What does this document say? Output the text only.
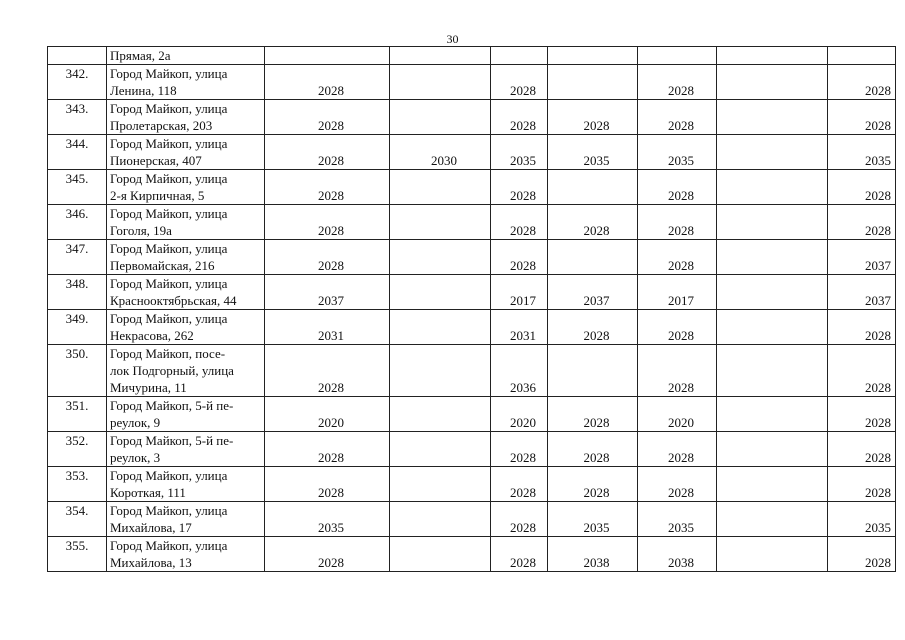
30

	Прямая, 2а							

342.	Город Майкоп, улица
Ленина, 118	2028		2028		2028		2028
343.	Город Майкоп, улица
Пролетарская, 203	2028		2028	2028	2028		2028
344.	Город Майкоп, улица
Пионерская, 407	2028	2030	2035	2035	2035		2035
345.	Город Майкоп, улица
2-я Кирпичная, 5	2028		2028		2028		2028
346.	Город Майкоп, улица
Гоголя, 19а	2028		2028	2028	2028		2028
347.	Город Майкоп, улица
Первомайская, 216	2028		2028		2028		2037
348.	Город Майкоп, улица
Краснооктябрьская, 44	2037		2017	2037	2017		2037
349.	Город Майкоп, улица
Некрасова, 262	2031		2031	2028	2028		2028
350.	Город Майкоп, посе-
лок Подгорный, улица
Мичурина, 11	2028		2036		2028		2028
351.	Город Майкоп, 5-й пе-
реулок, 9	2020		2020	2028	2020		2028
352.	Город Майкоп, 5-й пе-
реулок, 3	2028		2028	2028	2028		2028
353.	Город Майкоп, улица
Короткая, 111	2028		2028	2028	2028		2028
354.	Город Майкоп, улица
Михайлова, 17	2035		2028	2035	2035		2035
355.	Город Майкоп, улица
Михайлова, 13	2028		2028	2038	2038		2028
